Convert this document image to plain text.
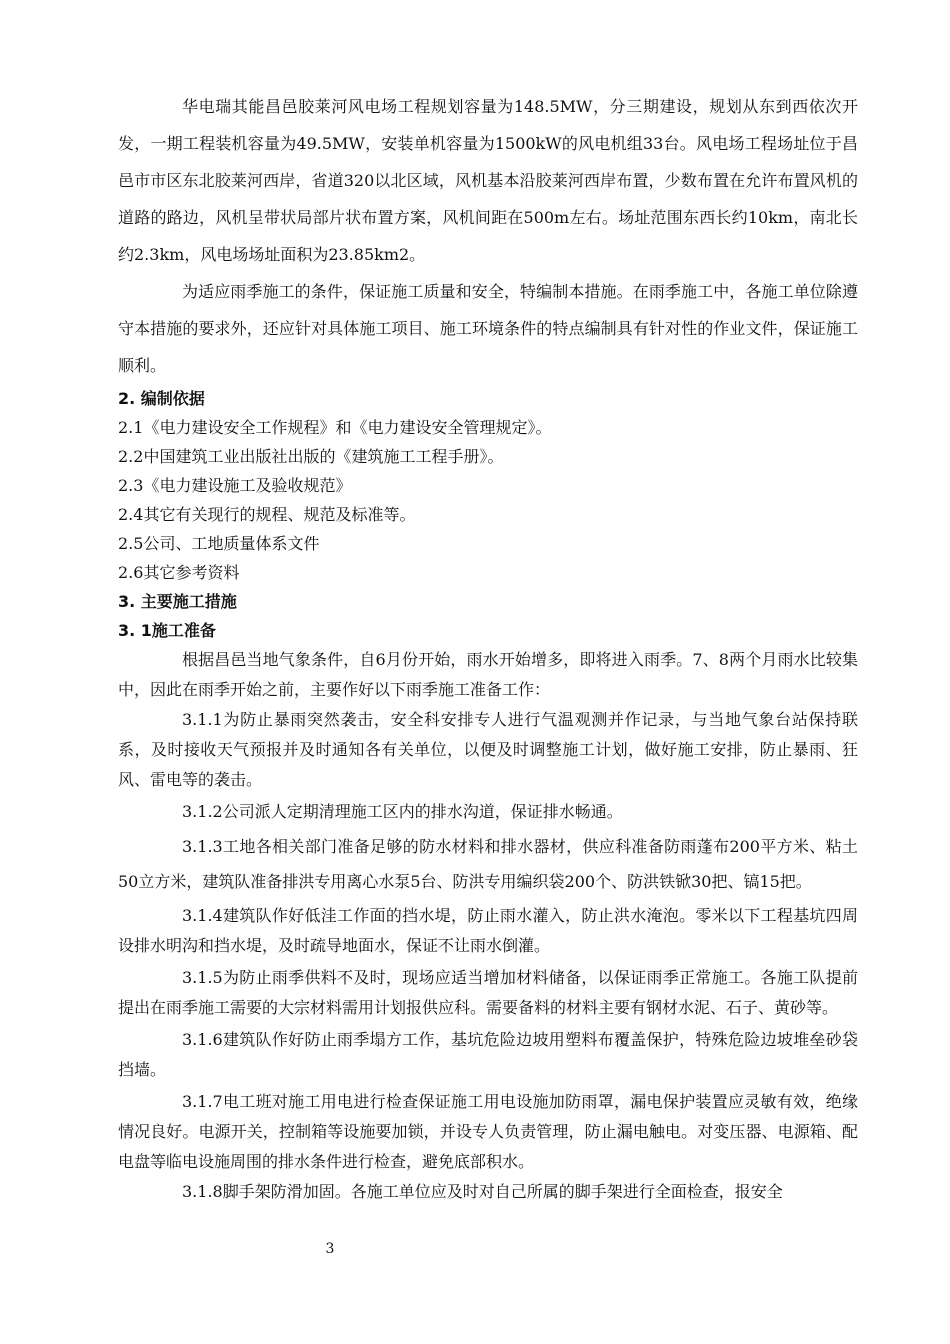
华电瑞其能昌邑胶莱河风电场工程规划容量为148.5MW，分三期建设，规划从东到西依次开发，一期工程装机容量为49.5MW，安装单机容量为1500kW的风电机组33台。风电场工程场址位于昌邑市市区东北胶莱河西岸，省道320以北区域，风机基本沿胶莱河西岸布置，少数布置在允许布置风机的道路的路边，风机呈带状局部片状布置方案，风机间距在500m左右。场址范围东西长约10km，南北长约2.3km，风电场场址面积为23.85km2。

为适应雨季施工的条件，保证施工质量和安全，特编制本措施。在雨季施工中，各施工单位除遵守本措施的要求外，还应针对具体施工项目、施工环境条件的特点编制具有针对性的作业文件，保证施工顺利。

2. 编制依据

2.1《电力建设安全工作规程》和《电力建设安全管理规定》。

2.2中国建筑工业出版社出版的《建筑施工工程手册》。

2.3《电力建设施工及验收规范》

2.4其它有关现行的规程、规范及标准等。

2.5公司、工地质量体系文件

2.6其它参考资料

3. 主要施工措施

3. 1施工准备

根据昌邑当地气象条件，自6月份开始，雨水开始增多，即将进入雨季。7、8两个月雨水比较集中，因此在雨季开始之前，主要作好以下雨季施工准备工作：

3.1.1为防止暴雨突然袭击，安全科安排专人进行气温观测并作记录，与当地气象台站保持联系，及时接收天气预报并及时通知各有关单位，以便及时调整施工计划，做好施工安排，防止暴雨、狂风、雷电等的袭击。

3.1.2公司派人定期清理施工区内的排水沟道，保证排水畅通。

3.1.3工地各相关部门准备足够的防水材料和排水器材，供应科准备防雨蓬布200平方米、粘土50立方米，建筑队准备排洪专用离心水泵5台、防洪专用编织袋200个、防洪铁锨30把、镐15把。

3.1.4建筑队作好低洼工作面的挡水堤，防止雨水灌入，防止洪水淹泡。零米以下工程基坑四周设排水明沟和挡水堤，及时疏导地面水，保证不让雨水倒灌。

3.1.5为防止雨季供料不及时，现场应适当增加材料储备，以保证雨季正常施工。各施工队提前提出在雨季施工需要的大宗材料需用计划报供应科。需要备料的材料主要有钢材水泥、石子、黄砂等。

3.1.6建筑队作好防止雨季塌方工作，基坑危险边坡用塑料布覆盖保护，特殊危险边坡堆垒砂袋挡墙。

3.1.7电工班对施工用电进行检查保证施工用电设施加防雨罩，漏电保护装置应灵敏有效，绝缘情况良好。电源开关，控制箱等设施要加锁，并设专人负责管理，防止漏电触电。对变压器、电源箱、配电盘等临电设施周围的排水条件进行检查，避免底部积水。

3.1.8脚手架防滑加固。各施工单位应及时对自己所属的脚手架进行全面检查，报安全

3
